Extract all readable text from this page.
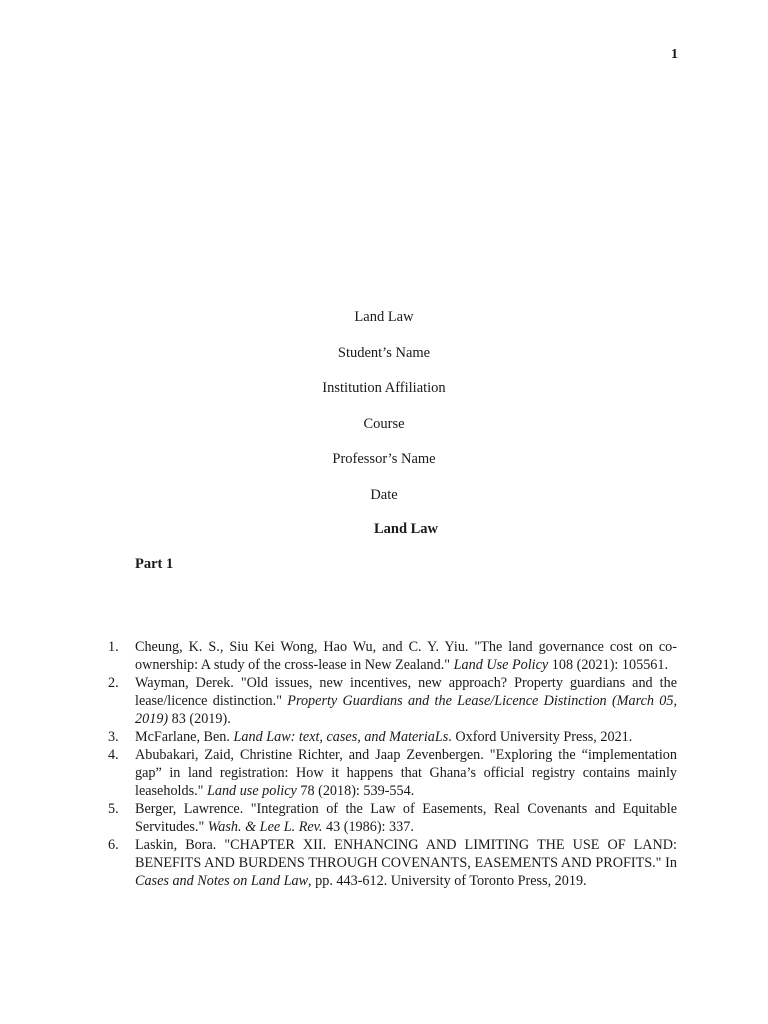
1
Land Law
Student’s Name
Institution Affiliation
Course
Professor’s Name
Date
Land Law
Part 1
1. Cheung, K. S., Siu Kei Wong, Hao Wu, and C. Y. Yiu. "The land governance cost on co-ownership: A study of the cross-lease in New Zealand." Land Use Policy 108 (2021): 105561.
2. Wayman, Derek. "Old issues, new incentives, new approach? Property guardians and the lease/licence distinction." Property Guardians and the Lease/Licence Distinction (March 05, 2019) 83 (2019).
3. McFarlane, Ben. Land Law: text, cases, and MateriaLs. Oxford University Press, 2021.
4. Abubakari, Zaid, Christine Richter, and Jaap Zevenbergen. "Exploring the “implementation gap” in land registration: How it happens that Ghana’s official registry contains mainly leaseholds." Land use policy 78 (2018): 539-554.
5. Berger, Lawrence. "Integration of the Law of Easements, Real Covenants and Equitable Servitudes." Wash. & Lee L. Rev. 43 (1986): 337.
6. Laskin, Bora. "CHAPTER XII. ENHANCING AND LIMITING THE USE OF LAND: BENEFITS AND BURDENS THROUGH COVENANTS, EASEMENTS AND PROFITS." In Cases and Notes on Land Law, pp. 443-612. University of Toronto Press, 2019.
